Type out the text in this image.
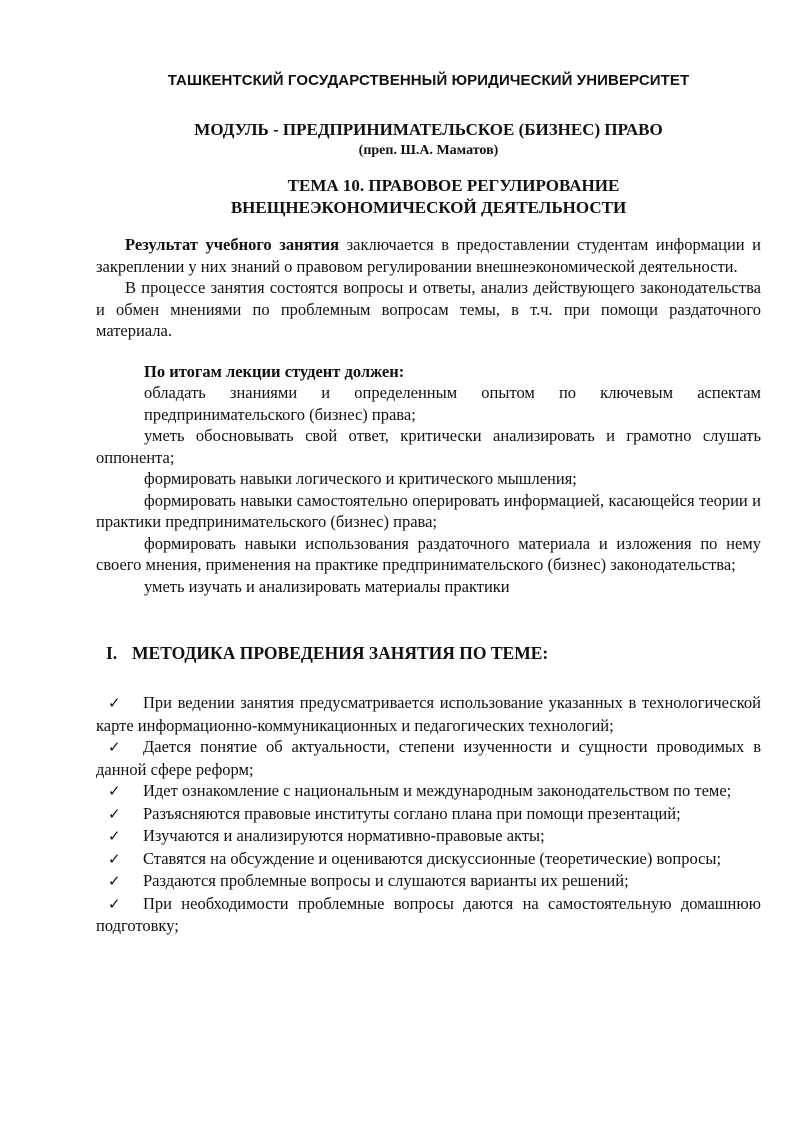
ТАШКЕНТСКИЙ ГОСУДАРСТВЕННЫЙ ЮРИДИЧЕСКИЙ УНИВЕРСИТЕТ
МОДУЛЬ - ПРЕДПРИНИМАТЕЛЬСКОЕ (БИЗНЕС) ПРАВО
(преп. Ш.А. Маматов)
ТЕМА 10. ПРАВОВОЕ РЕГУЛИРОВАНИЕ
ВНЕЩНЕЭКОНОМИЧЕСКОЙ ДЕЯТЕЛЬНОСТИ

Результат учебного занятия заключается в предоставлении студентам информации и закреплении у них знаний о правовом регулировании внешнеэкономической деятельности.

В процессе занятия состоятся вопросы и ответы, анализ действующего законодательства и обмен мнениями по проблемным вопросам темы, в т.ч. при помощи раздаточного материала.

По итогам лекции студент должен:

обладать знаниями и определенным опытом по ключевым аспектам предпринимательского (бизнес) права;

уметь обосновывать свой ответ, критически анализировать и грамотно слушать оппонента;

формировать навыки логического и критического мышления;

формировать навыки самостоятельно оперировать информацией, касающейся теории и практики предпринимательского (бизнес) права;

формировать навыки использования раздаточного материала и изложения по нему своего мнения, применения на практике предпринимательского (бизнес) законодательства;

уметь изучать и анализировать материалы практики

I. МЕТОДИКА ПРОВЕДЕНИЯ ЗАНЯТИЯ ПО ТЕМЕ:

✓ При ведении занятия предусматривается использование указанных в технологической карте информационно-коммуникационных и педагогических технологий;

✓ Дается понятие об актуальности, степени изученности и сущности проводимых в данной сфере реформ;

✓ Идет ознакомление с национальным и международным законодательством по теме;

✓ Разъясняются правовые институты соглано плана при помощи презентаций;

✓ Изучаются и анализируются нормативно-правовые акты;

✓ Ставятся на обсуждение и оцениваются дискуссионные (теоретические) вопросы;

✓ Раздаются проблемные вопросы и слушаются варианты их решений;

✓ При необходимости проблемные вопросы даются на самостоятельную домашнюю подготовку;
